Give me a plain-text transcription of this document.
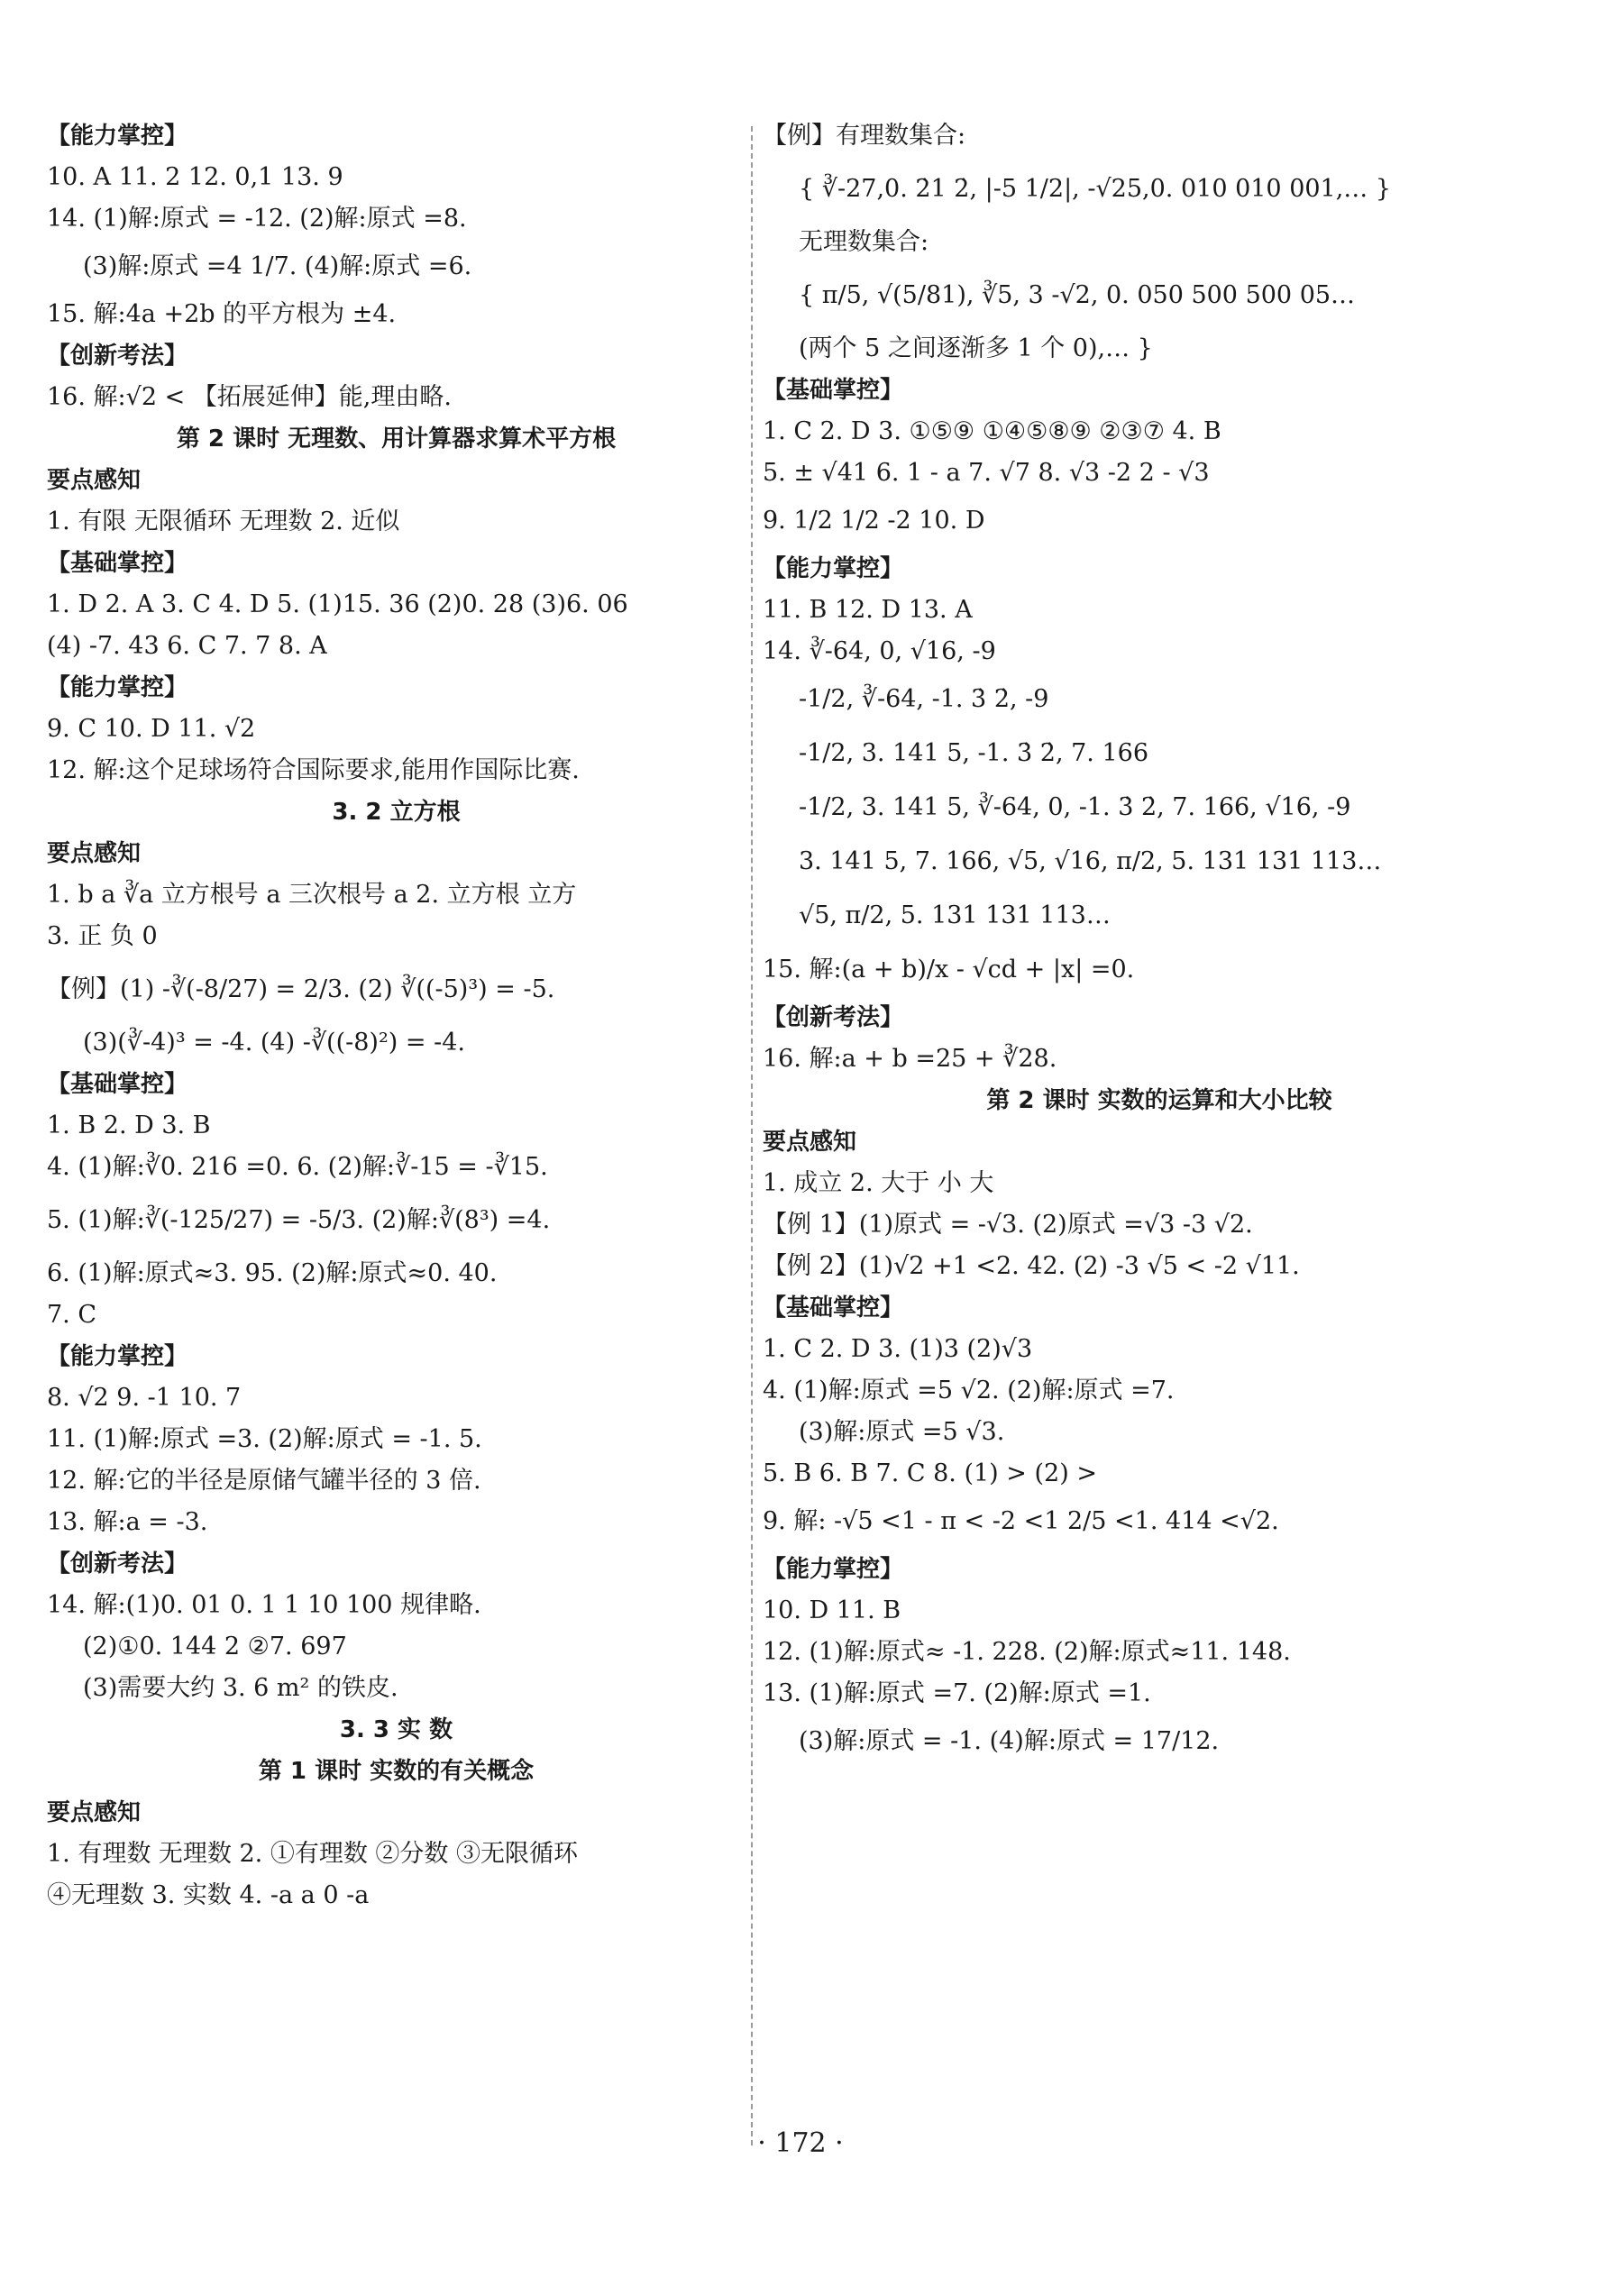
【能力掌控】
10. A 11. 2 12. 0,1 13. 9
14. (1)解:原式 = -12. (2)解:原式 =8.
(3)解:原式 =4 1/7. (4)解:原式 =6.
15. 解:4a +2b 的平方根为 ±4.
【创新考法】
16. 解:√2 < 【拓展延伸】能,理由略.
第 2 课时 无理数、用计算器求算术平方根
要点感知
1. 有限 无限循环 无理数 2. 近似
【基础掌控】
1. D 2. A 3. C 4. D 5. (1)15. 36 (2)0. 28 (3)6. 06
(4) -7. 43 6. C 7. 7 8. A
【能力掌控】
9. C 10. D 11. √2
12. 解:这个足球场符合国际要求,能用作国际比赛.
3. 2 立方根
要点感知
1. b a ∛a 立方根号 a 三次根号 a 2. 立方根 立方
3. 正 负 0
【例】(1) -∛(-8/27) = 2/3. (2) ∛((-5)³) = -5.
(3)(∛-4)³ = -4. (4) -∛((-8)²) = -4.
【基础掌控】
1. B 2. D 3. B
4. (1)解:∛0. 216 =0. 6. (2)解:∛-15 = -∛15.
5. (1)解:∛(-125/27) = -5/3. (2)解:∛(8³) =4.
6. (1)解:原式≈3. 95. (2)解:原式≈0. 40.
7. C
【能力掌控】
8. √2 9. -1 10. 7
11. (1)解:原式 =3. (2)解:原式 = -1. 5.
12. 解:它的半径是原储气罐半径的 3 倍.
13. 解:a = -3.
【创新考法】
14. 解:(1)0. 01 0. 1 1 10 100 规律略.
(2)①0. 144 2 ②7. 697
(3)需要大约 3. 6 m² 的铁皮.
3. 3 实 数
第 1 课时 实数的有关概念
要点感知
1. 有理数 无理数 2. ①有理数 ②分数 ③无限循环
④无理数 3. 实数 4. -a a 0 -a
【例】有理数集合:
{ ∛-27,0. 2̇1 2̇, |-5 1/2|, -√25,0. 010 010 001,… }
无理数集合:
{ π/5, √(5/81), ∛5, 3 -√2, 0. 050 500 500 05…
(两个 5 之间逐渐多 1 个 0),… }
【基础掌控】
1. C 2. D 3. ①⑤⑨ ①④⑤⑧⑨ ②③⑦ 4. B
5. ± √41 6. 1 - a 7. √7 8. √3 -2 2 - √3
9. 1/2 1/2 -2 10. D
【能力掌控】
11. B 12. D 13. A
14. ∛-64, 0, √16, -9
-1/2, ∛-64, -1. 3̇ 2̇, -9
-1/2, 3. 141 5, -1. 3̇ 2̇, 7. 166
-1/2, 3. 141 5, ∛-64, 0, -1. 3̇ 2̇, 7. 166, √16, -9
3. 141 5, 7. 166, √5, √16, π/2, 5. 131 131 113…
√5, π/2, 5. 131 131 113…
15. 解:(a + b)/x - √cd + |x| =0.
【创新考法】
16. 解:a + b =25 + ∛28.
第 2 课时 实数的运算和大小比较
要点感知
1. 成立 2. 大于 小 大
【例 1】(1)原式 = -√3. (2)原式 =√3 -3 √2.
【例 2】(1)√2 +1 <2. 42. (2) -3 √5 < -2 √11.
【基础掌控】
1. C 2. D 3. (1)3 (2)√3
4. (1)解:原式 =5 √2. (2)解:原式 =7.
(3)解:原式 =5 √3.
5. B 6. B 7. C 8. (1) > (2) >
9. 解: -√5 <1 - π < -2 <1 2/5 <1. 414 <√2.
【能力掌控】
10. D 11. B
12. (1)解:原式≈ -1. 228. (2)解:原式≈11. 148.
13. (1)解:原式 =7. (2)解:原式 =1.
(3)解:原式 = -1. (4)解:原式 = 17/12.
· 172 ·
